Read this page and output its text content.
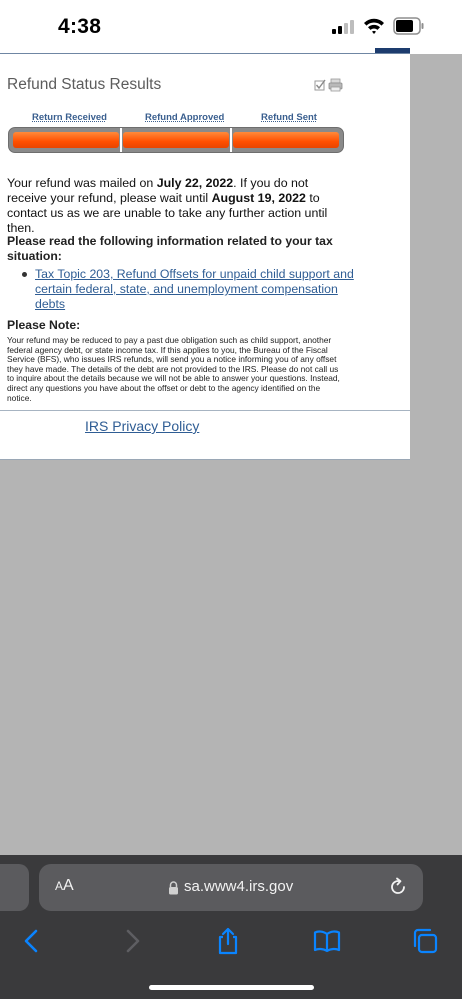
4:38
Refund Status Results
Return Received	Refund Approved	Refund Sent
Your refund was mailed on July 22, 2022. If you do not receive your refund, please wait until August 19, 2022 to contact us as we are unable to take any further action until then.
Please read the following information related to your tax situation:
Tax Topic 203, Refund Offsets for unpaid child support and certain federal, state, and unemployment compensation debts
Please Note:
Your refund may be reduced to pay a past due obligation such as child support, another federal agency debt, or state income tax. If this applies to you, the Bureau of the Fiscal Service (BFS), who issues IRS refunds, will send you a notice informing you of any offset they have made. The details of the debt are not provided to the IRS. Please do not call us to inquire about the details because we will not be able to answer your questions. Instead, direct any questions you have about the offset or debt to the agency identified on the notice.
IRS Privacy Policy
AA	sa.www4.irs.gov
